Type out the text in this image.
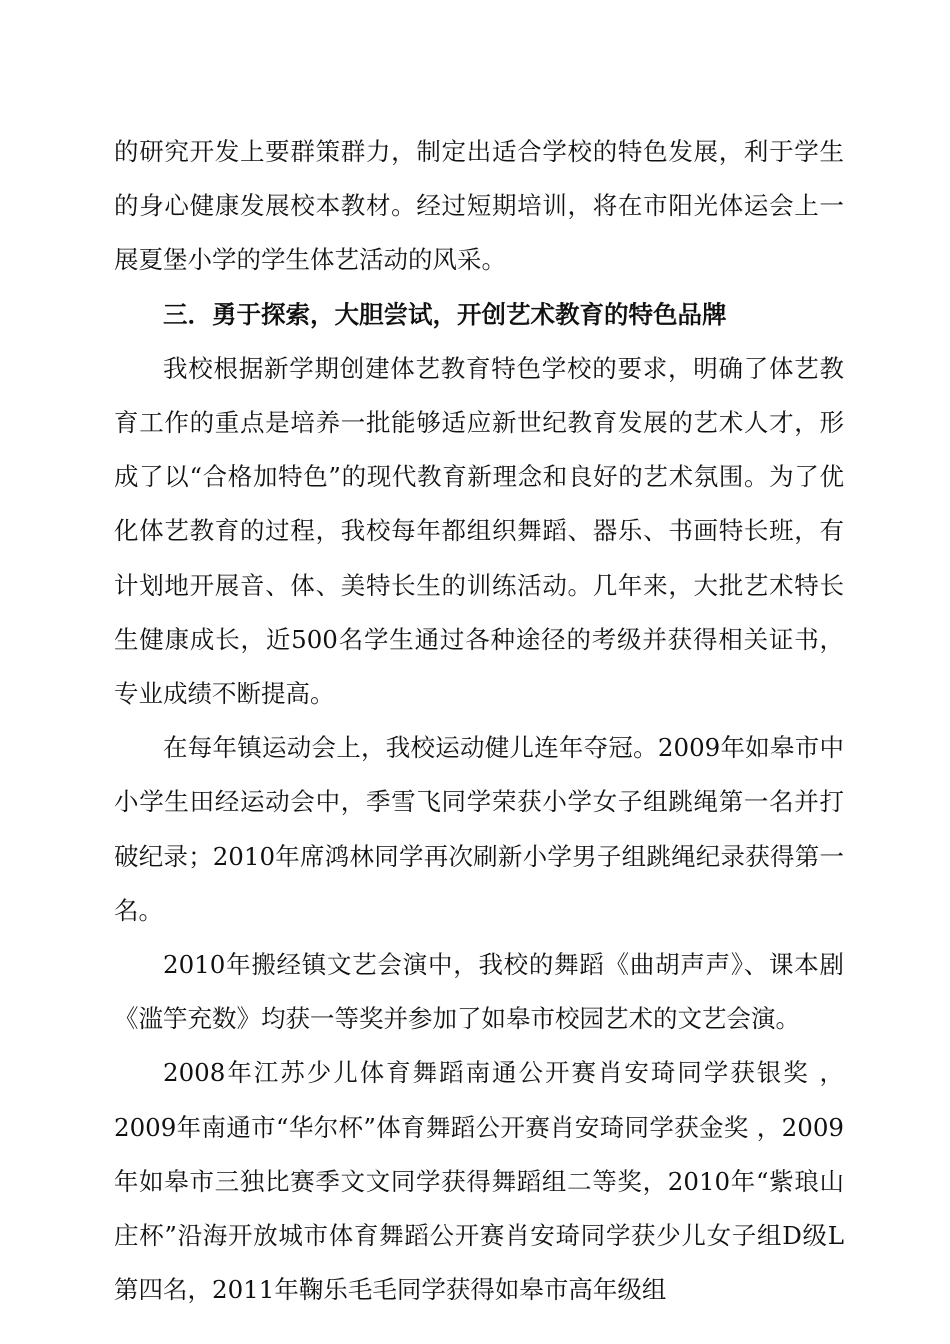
的研究开发上要群策群力，制定出适合学校的特色发展，利于学生的身心健康发展校本教材。经过短期培训，将在市阳光体运会上一展夏堡小学的学生体艺活动的风采。

三．勇于探索，大胆尝试，开创艺术教育的特色品牌

我校根据新学期创建体艺教育特色学校的要求，明确了体艺教育工作的重点是培养一批能够适应新世纪教育发展的艺术人才，形成了以“合格加特色”的现代教育新理念和良好的艺术氛围。为了优化体艺教育的过程，我校每年都组织舞蹈、器乐、书画特长班，有计划地开展音、体、美特长生的训练活动。几年来，大批艺术特长生健康成长，近500名学生通过各种途径的考级并获得相关证书，专业成绩不断提高。

在每年镇运动会上，我校运动健儿连年夺冠。2009年如皋市中小学生田经运动会中，季雪飞同学荣获小学女子组跳绳第一名并打破纪录；2010年席鸿林同学再次刷新小学男子组跳绳纪录获得第一名。

2010年搬经镇文艺会演中，我校的舞蹈《曲胡声声》、课本剧《滥竽充数》均获一等奖并参加了如皋市校园艺术的文艺会演。

2008年江苏少儿体育舞蹈南通公开赛肖安琦同学获银奖 ，2009年南通市“华尔杯”体育舞蹈公开赛肖安琦同学获金奖 ，2009年如皋市三独比赛季文文同学获得舞蹈组二等奖，2010年“紫琅山庄杯”沿海开放城市体育舞蹈公开赛肖安琦同学获少儿女子组D级L第四名，2011年鞠乐毛毛同学获得如皋市高年级组
